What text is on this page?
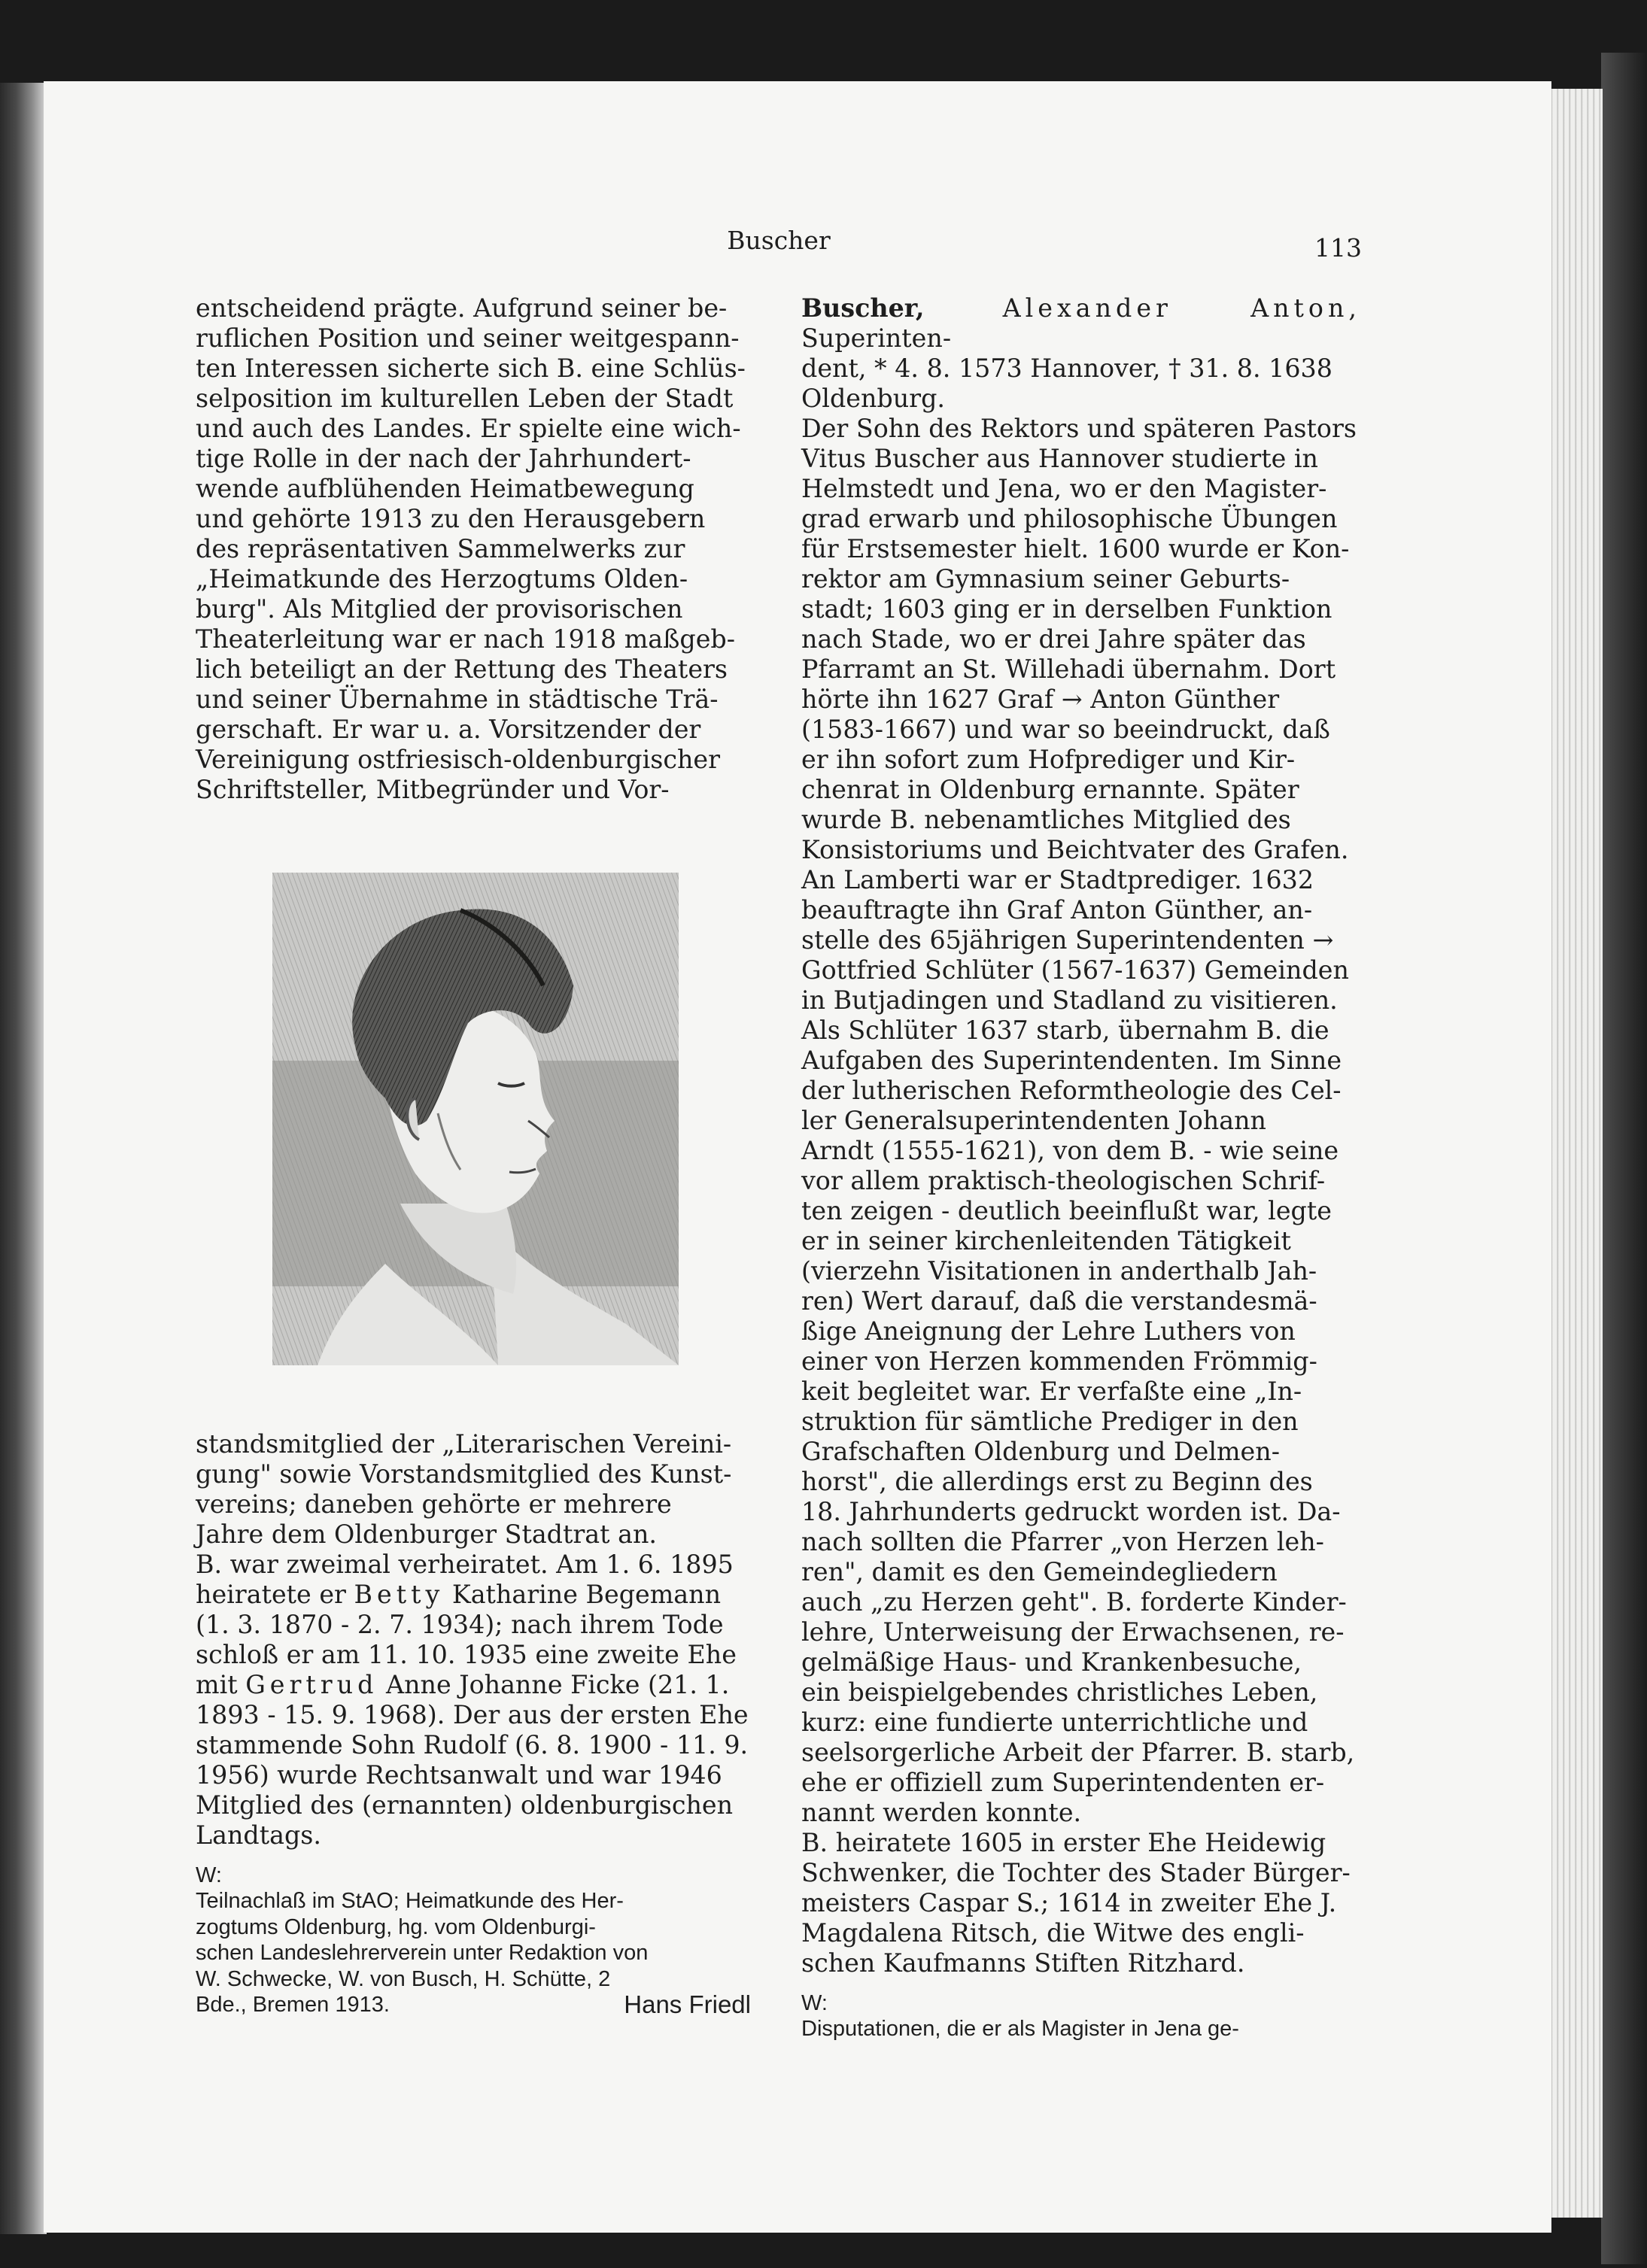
Buscher	113

entscheidend prägte. Aufgrund seiner be-

ruflichen Position und seiner weitgespann-

ten Interessen sicherte sich B. eine Schlüs-

selposition im kulturellen Leben der Stadt

und auch des Landes. Er spielte eine wich-

tige Rolle in der nach der Jahrhundert-

wende aufblühenden Heimatbewegung

und gehörte 1913 zu den Herausgebern

des repräsentativen Sammelwerks zur

„Heimatkunde des Herzogtums Olden-

burg". Als Mitglied der provisorischen

Theaterleitung war er nach 1918 maßgeb-

lich beteiligt an der Rettung des Theaters

und seiner Übernahme in städtische Trä-

gerschaft. Er war u. a. Vorsitzender der

Vereinigung ostfriesisch-oldenburgischer

Schriftsteller, Mitbegründer und Vor-

standsmitglied der „Literarischen Vereini-

gung" sowie Vorstandsmitglied des Kunst-

vereins; daneben gehörte er mehrere

Jahre dem Oldenburger Stadtrat an.

B. war zweimal verheiratet. Am 1. 6. 1895

heiratete er Betty Katharine Begemann

(1. 3. 1870 - 2. 7. 1934); nach ihrem Tode

schloß er am 11. 10. 1935 eine zweite Ehe

mit Gertrud Anne Johanne Ficke (21. 1.

1893 - 15. 9. 1968). Der aus der ersten Ehe

stammende Sohn Rudolf (6. 8. 1900 - 11. 9.

1956) wurde Rechtsanwalt und war 1946

Mitglied des (ernannten) oldenburgischen

Landtags.

W:

Teilnachlaß im StAO; Heimatkunde des Her-

zogtums Oldenburg, hg. vom Oldenburgi-

schen Landeslehrerverein unter Redaktion von

W. Schwecke, W. von Busch, H. Schütte, 2

Bde., Bremen 1913.	Hans Friedl

Buscher,	Alexander	Anton, Superinten-

dent, * 4. 8. 1573 Hannover, † 31. 8. 1638

Oldenburg.

Der Sohn des Rektors und späteren Pastors

Vitus Buscher aus Hannover studierte in

Helmstedt und Jena, wo er den Magister-

grad erwarb und philosophische Übungen

für Erstsemester hielt. 1600 wurde er Kon-

rektor am Gymnasium seiner Geburts-

stadt; 1603 ging er in derselben Funktion

nach Stade, wo er drei Jahre später das

Pfarramt an St. Willehadi übernahm. Dort

hörte ihn 1627 Graf → Anton Günther

(1583-1667) und war so beeindruckt, daß

er ihn sofort zum Hofprediger und Kir-

chenrat in Oldenburg ernannte. Später

wurde B. nebenamtliches Mitglied des

Konsistoriums und Beichtvater des Grafen.

An Lamberti war er Stadtprediger. 1632

beauftragte ihn Graf Anton Günther, an-

stelle des 65jährigen Superintendenten →

Gottfried Schlüter (1567-1637) Gemeinden

in Butjadingen und Stadland zu visitieren.

Als Schlüter 1637 starb, übernahm B. die

Aufgaben des Superintendenten. Im Sinne

der lutherischen Reformtheologie des Cel-

ler Generalsuperintendenten Johann

Arndt (1555-1621), von dem B. - wie seine

vor allem praktisch-theologischen Schrif-

ten zeigen - deutlich beeinflußt war, legte

er in seiner kirchenleitenden Tätigkeit

(vierzehn Visitationen in anderthalb Jah-

ren) Wert darauf, daß die verstandesmä-

ßige Aneignung der Lehre Luthers von

einer von Herzen kommenden Frömmig-

keit begleitet war. Er verfaßte eine „In-

struktion für sämtliche Prediger in den

Grafschaften Oldenburg und Delmen-

horst", die allerdings erst zu Beginn des

18. Jahrhunderts gedruckt worden ist. Da-

nach sollten die Pfarrer „von Herzen leh-

ren", damit es den Gemeindegliedern

auch „zu Herzen geht". B. forderte Kinder-

lehre, Unterweisung der Erwachsenen, re-

gelmäßige Haus- und Krankenbesuche,

ein beispielgebendes christliches Leben,

kurz: eine fundierte unterrichtliche und

seelsorgerliche Arbeit der Pfarrer. B. starb,

ehe er offiziell zum Superintendenten er-

nannt werden konnte.

B. heiratete 1605 in erster Ehe Heidewig

Schwenker, die Tochter des Stader Bürger-

meisters Caspar S.; 1614 in zweiter Ehe J.

Magdalena Ritsch, die Witwe des engli-

schen Kaufmanns Stiften Ritzhard.

W:

Disputationen, die er als Magister in Jena ge-
